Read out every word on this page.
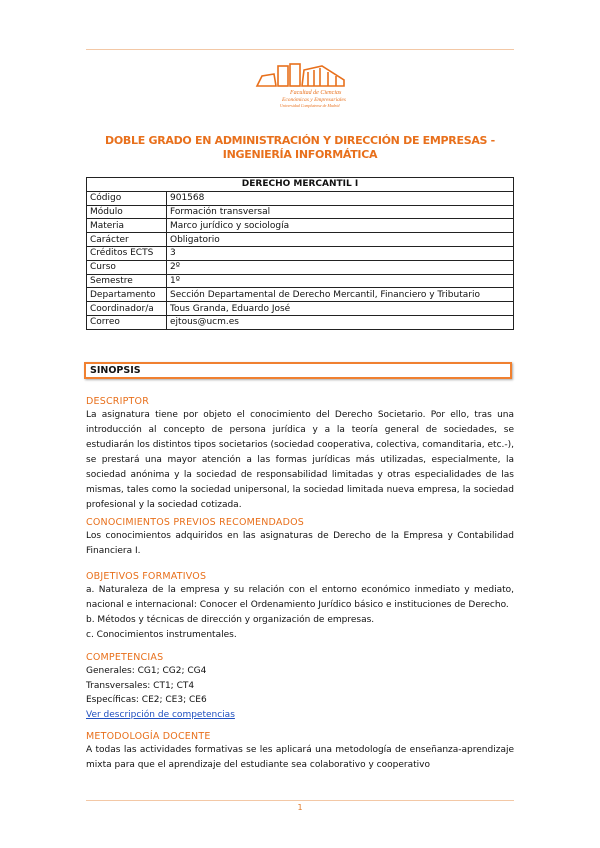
Facultad de Ciencias
Económicas y Empresariales
Universidad Complutense de Madrid
DOBLE GRADO EN ADMINISTRACIÓN Y DIRECCIÓN DE EMPRESAS - INGENIERÍA INFORMÁTICA
DERECHO MERCANTIL I	
Código	901568
Módulo	Formación transversal
Materia	Marco jurídico y sociología
Carácter	Obligatorio
Créditos ECTS	3
Curso	2º
Semestre	1º
Departamento	Sección Departamental de Derecho Mercantil, Financiero y Tributario
Coordinador/a	Tous Granda, Eduardo José
Correo	ejtous@ucm.es
SINOPSIS
DESCRIPTOR
La asignatura tiene por objeto el conocimiento del Derecho Societario. Por ello, tras una introducción al concepto de persona jurídica y a la teoría general de sociedades, se estudiarán los distintos tipos societarios (sociedad cooperativa, colectiva, comanditaria, etc.-), se prestará una mayor atención a las formas jurídicas más utilizadas, especialmente, la sociedad anónima y la sociedad de responsabilidad limitadas y otras especialidades de las mismas, tales como la sociedad unipersonal, la sociedad limitada nueva empresa, la sociedad profesional y la sociedad cotizada.
CONOCIMIENTOS PREVIOS RECOMENDADOS
Los conocimientos adquiridos en las asignaturas de Derecho de la Empresa y Contabilidad Financiera I.
OBJETIVOS FORMATIVOS
a. Naturaleza de la empresa y su relación con el entorno económico inmediato y mediato, nacional e internacional: Conocer el Ordenamiento Jurídico básico e instituciones de Derecho.
b. Métodos y técnicas de dirección y organización de empresas.
c. Conocimientos instrumentales.
COMPETENCIAS
Generales: CG1; CG2; CG4
Transversales: CT1; CT4
Específicas: CE2; CE3; CE6
Ver descripción de competencias
METODOLOGÍA DOCENTE
A todas las actividades formativas se les aplicará una metodología de enseñanza-aprendizaje mixta para que el aprendizaje del estudiante sea colaborativo y cooperativo
1
